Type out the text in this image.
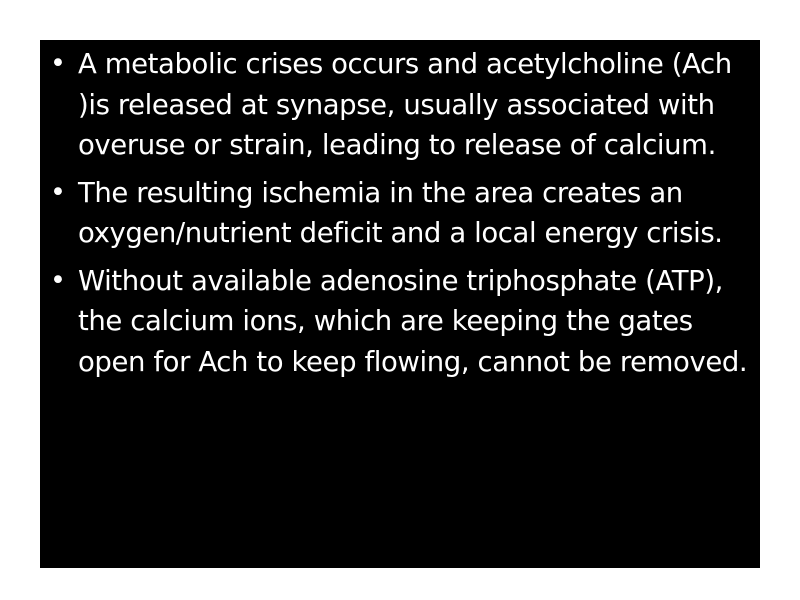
• A metabolic crises occurs and acetylcholine (Ach )is released at synapse, usually associated with overuse or strain, leading to release of calcium.
• The resulting ischemia in the area creates an oxygen/nutrient deficit and a local energy crisis.
• Without available adenosine triphosphate (ATP), the calcium ions, which are keeping the gates open for Ach to keep flowing, cannot be removed.
